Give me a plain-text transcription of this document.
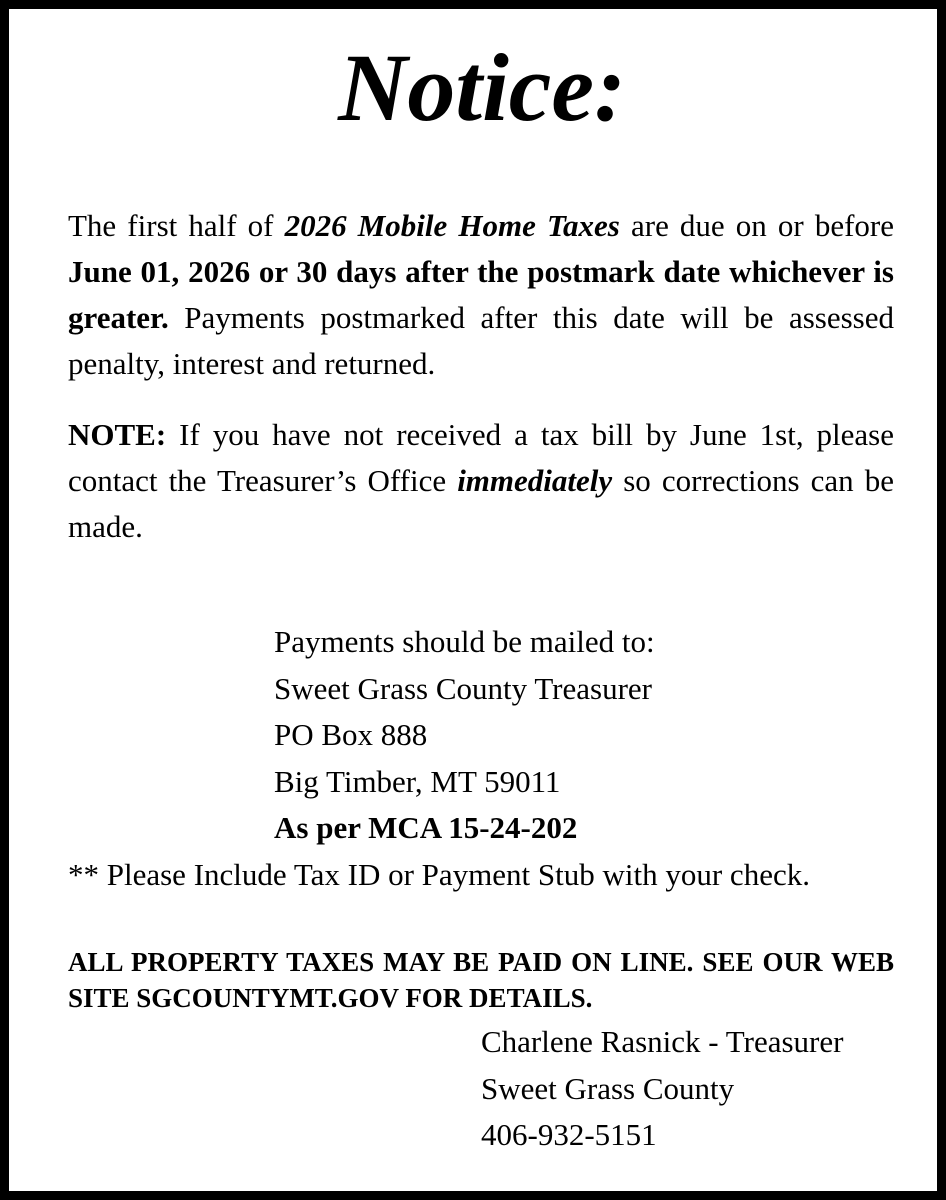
Notice:

The first half of 2026 Mobile Home Taxes are due on or before June 01, 2026 or 30 days after the postmark date whichever is greater. Payments postmarked after this date will be assessed penalty, interest and returned.

NOTE: If you have not received a tax bill by June 1st, please contact the Treasurer’s Office immediately so corrections can be made.

Payments should be mailed to:
Sweet Grass County Treasurer
PO Box 888
Big Timber, MT 59011
As per MCA 15-24-202

** Please Include Tax ID or Payment Stub with your check.

ALL PROPERTY TAXES MAY BE PAID ON LINE. SEE OUR WEB SITE SGCOUNTYMT.GOV FOR DETAILS.

Charlene Rasnick - Treasurer
Sweet Grass County
406-932-5151
